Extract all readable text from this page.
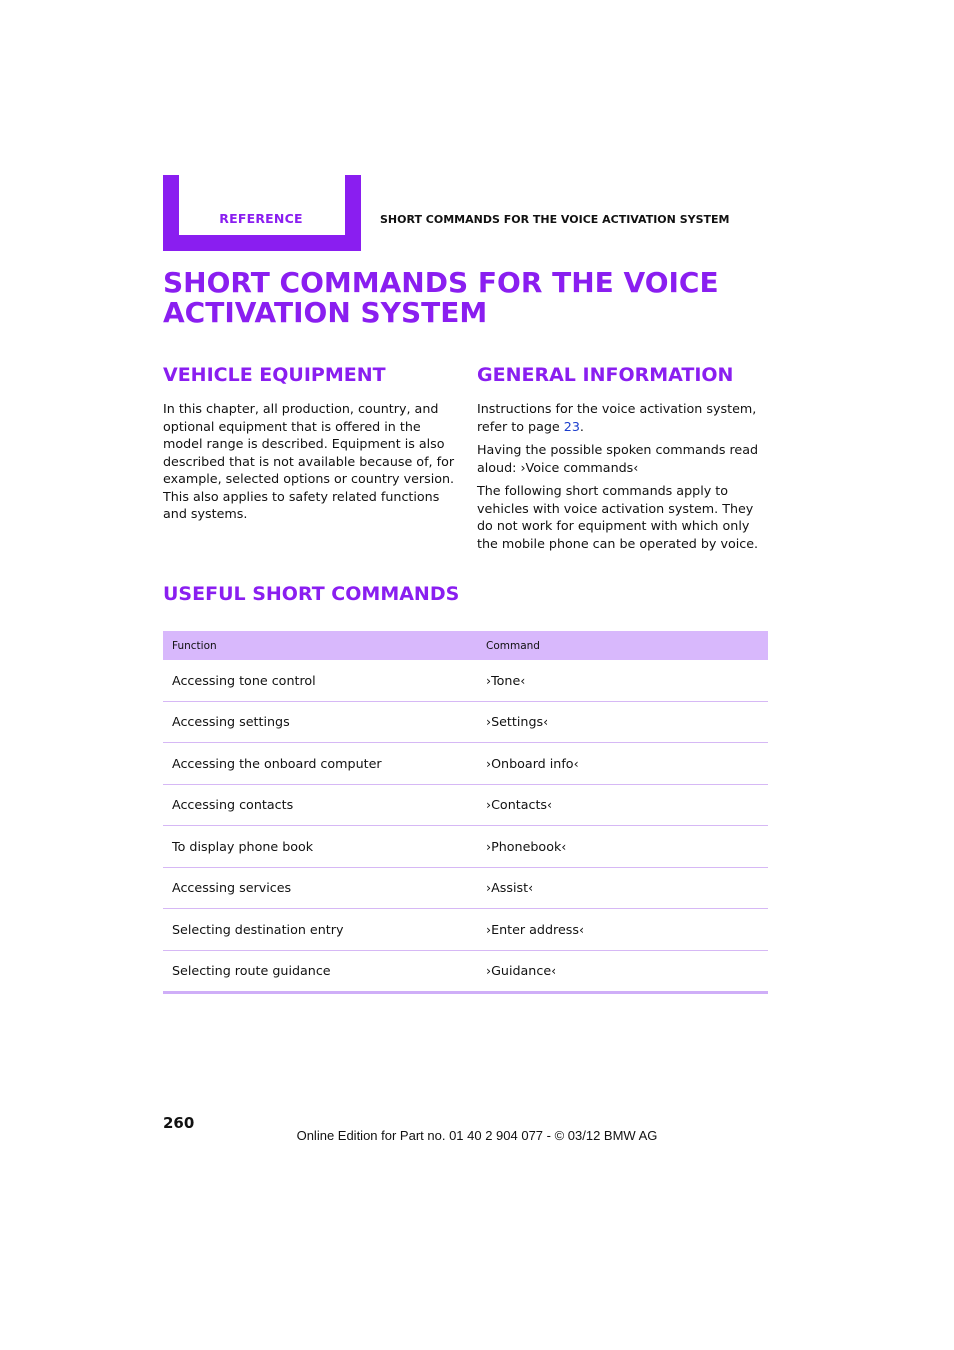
REFERENCE	SHORT COMMANDS FOR THE VOICE ACTIVATION SYSTEM
SHORT COMMANDS FOR THE VOICE ACTIVATION SYSTEM
VEHICLE EQUIPMENT	GENERAL INFORMATION

In this chapter, all production, country, and optional equipment that is offered in the model range is described. Equipment is also described that is not available because of, for example, selected options or country version. This also applies to safety related functions and systems.

Instructions for the voice activation system, refer to page 23.

Having the possible spoken commands read aloud: ›Voice commands‹

The following short commands apply to vehicles with voice activation system. They do not work for equipment with which only the mobile phone can be operated by voice.

USEFUL SHORT COMMANDS
Function	Command
Accessing tone control	›Tone‹
Accessing settings	›Settings‹
Accessing the onboard computer	›Onboard info‹
Accessing contacts	›Contacts‹
To display phone book	›Phonebook‹
Accessing services	›Assist‹
Selecting destination entry	›Enter address‹
Selecting route guidance	›Guidance‹
260
Online Edition for Part no. 01 40 2 904 077 - © 03/12 BMW AG
